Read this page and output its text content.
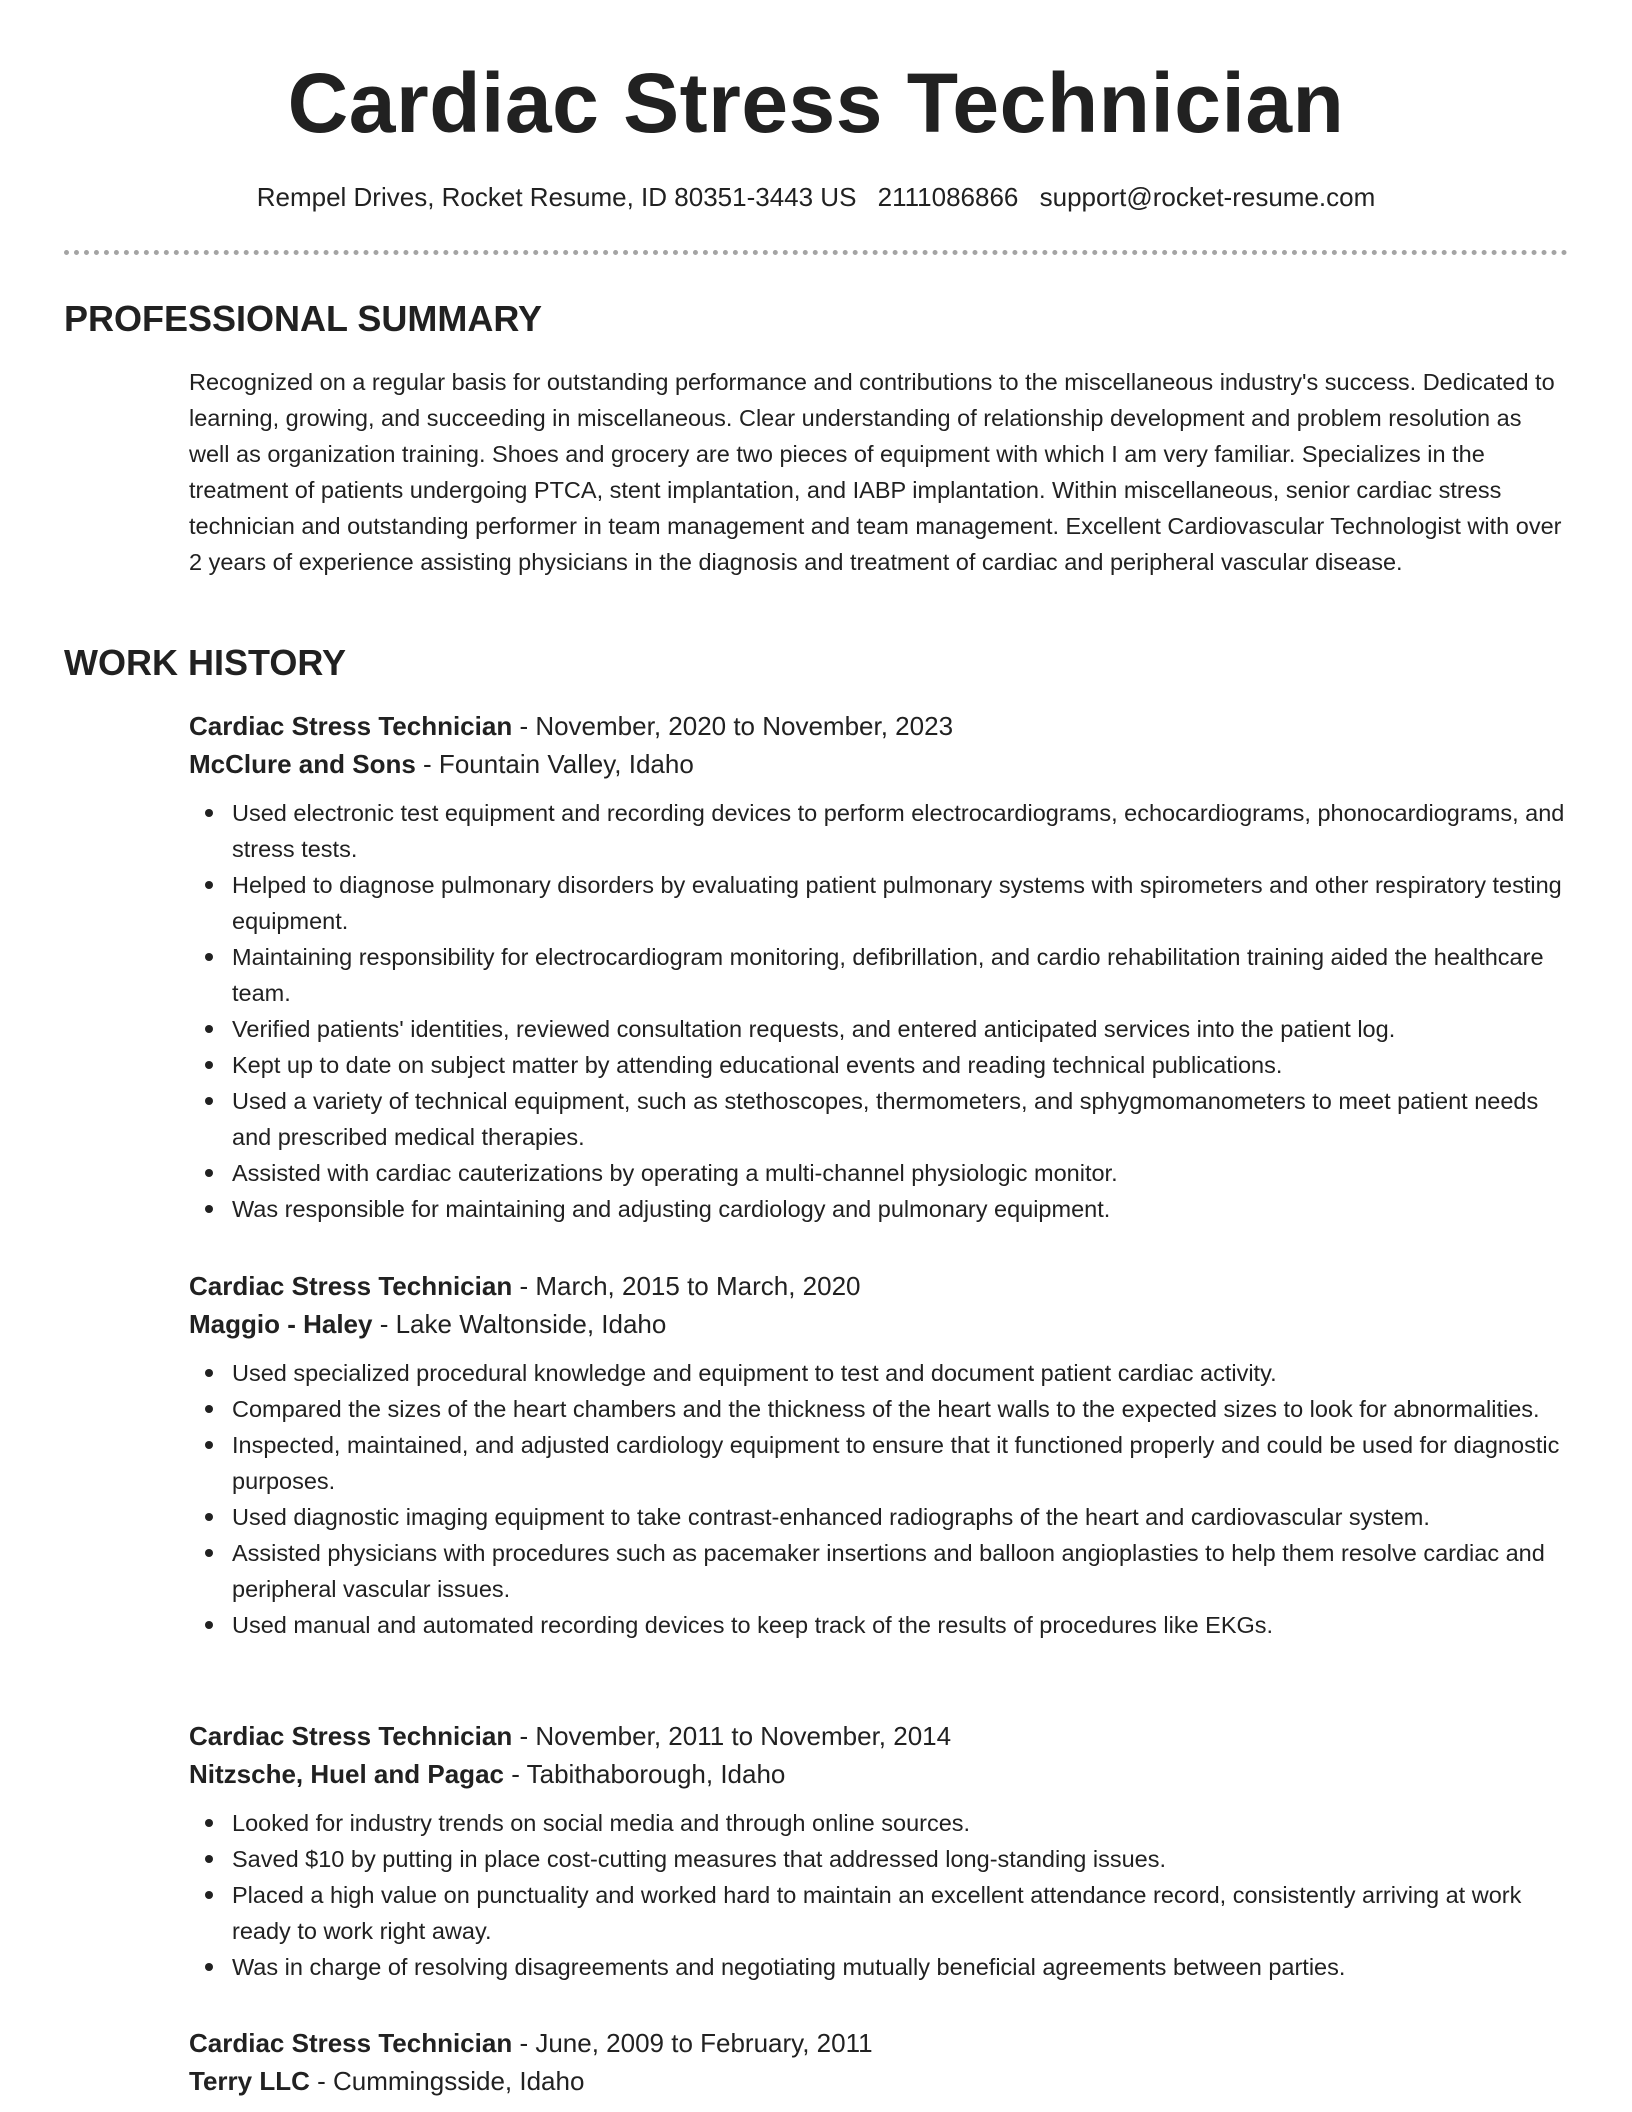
Cardiac Stress Technician
Rempel Drives, Rocket Resume, ID 80351-3443 US 2111086866 support@rocket-resume.com
PROFESSIONAL SUMMARY

Recognized on a regular basis for outstanding performance and contributions to the miscellaneous industry's success. Dedicated to learning, growing, and succeeding in miscellaneous. Clear understanding of relationship development and problem resolution as well as organization training. Shoes and grocery are two pieces of equipment with which I am very familiar. Specializes in the treatment of patients undergoing PTCA, stent implantation, and IABP implantation. Within miscellaneous, senior cardiac stress technician and outstanding performer in team management and team management. Excellent Cardiovascular Technologist with over 2 years of experience assisting physicians in the diagnosis and treatment of cardiac and peripheral vascular disease.

WORK HISTORY

Cardiac Stress Technician - November, 2020 to November, 2023

McClure and Sons - Fountain Valley, Idaho

Used electronic test equipment and recording devices to perform electrocardiograms, echocardiograms, phonocardiograms, and stress tests.
Helped to diagnose pulmonary disorders by evaluating patient pulmonary systems with spirometers and other respiratory testing equipment.
Maintaining responsibility for electrocardiogram monitoring, defibrillation, and cardio rehabilitation training aided the healthcare team.
Verified patients' identities, reviewed consultation requests, and entered anticipated services into the patient log.
Kept up to date on subject matter by attending educational events and reading technical publications.
Used a variety of technical equipment, such as stethoscopes, thermometers, and sphygmomanometers to meet patient needs and prescribed medical therapies.
Assisted with cardiac cauterizations by operating a multi-channel physiologic monitor.
Was responsible for maintaining and adjusting cardiology and pulmonary equipment.

Cardiac Stress Technician - March, 2015 to March, 2020

Maggio - Haley - Lake Waltonside, Idaho

Used specialized procedural knowledge and equipment to test and document patient cardiac activity.
Compared the sizes of the heart chambers and the thickness of the heart walls to the expected sizes to look for abnormalities.
Inspected, maintained, and adjusted cardiology equipment to ensure that it functioned properly and could be used for diagnostic purposes.
Used diagnostic imaging equipment to take contrast-enhanced radiographs of the heart and cardiovascular system.
Assisted physicians with procedures such as pacemaker insertions and balloon angioplasties to help them resolve cardiac and peripheral vascular issues.
Used manual and automated recording devices to keep track of the results of procedures like EKGs.

Cardiac Stress Technician - November, 2011 to November, 2014

Nitzsche, Huel and Pagac - Tabithaborough, Idaho

Looked for industry trends on social media and through online sources.
Saved $10 by putting in place cost-cutting measures that addressed long-standing issues.
Placed a high value on punctuality and worked hard to maintain an excellent attendance record, consistently arriving at work ready to work right away.
Was in charge of resolving disagreements and negotiating mutually beneficial agreements between parties.

Cardiac Stress Technician - June, 2009 to February, 2011

Terry LLC - Cummingsside, Idaho
